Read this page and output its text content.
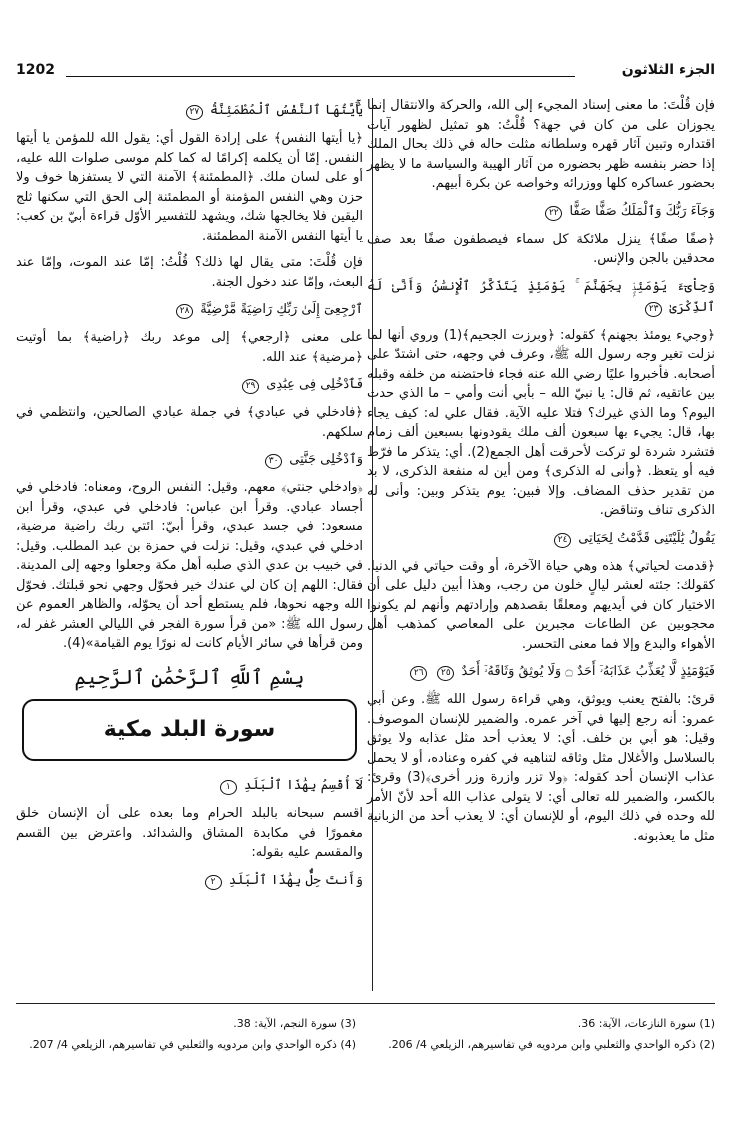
الجزء الثلاثون
1202

فإن قُلْتَ: ما معنى إسناد المجيء إلى الله، والحركة والانتقال إنما يجوزان على من كان في جهة؟ قُلْتُ: هو تمثيل لظهور آيات اقتداره وتبين آثار قهره وسلطانه مثلت حاله في ذلك بحال الملك إذا حضر بنفسه ظهر بحضوره من آثار الهيبة والسياسة ما لا يظهر بحضور عساكره كلها ووزرائه وخواصه عن بكرة أبيهم.

وَجَآءَ رَبُّكَ وَٱلْمَلَكُ صَفًّا صَفًّا ٢٢

﴿صفًا صفًا﴾ ينزل ملائكة كل سماء فيصطفون صفًا بعد صف محدقين بالجن والإنس.

وَجِاْىٓءَ يَوْمَئِذٍۭ بِجَهَنَّمَ ۚ يَوْمَئِذٍ يَتَذَكَّرُ ٱلْإِنسَٰنُ وَأَنَّىٰ لَهُ ٱلذِّكْرَىٰ ٢٣

﴿وجيء يومئذ بجهنم﴾ كقوله: ﴿وبرزت الجحيم﴾(1) وروي أنها لما نزلت تغير وجه رسول الله ﷺ، وعرف في وجهه، حتى اشتدّ على أصحابه. فأخبروا عليًا رضي الله عنه فجاء فاحتضنه من خلفه وقبله بين عاتقيه، ثم قال: يا نبيّ الله – بأبي أنت وأمي – ما الذي حدث اليوم؟ وما الذي غيرك؟ فتلا عليه الآية. فقال علي له: كيف يجاء بها، قال: يجيء بها سبعون ألف ملك يقودونها بسبعين ألف زمام فتشرد شردة لو تركت لأحرقت أهل الجمع(2). أي: يتذكر ما فرّط فيه أو يتعظ. ﴿وأنى له الذكرى﴾ ومن أين له منفعة الذكرى، لا بد من تقدير حذف المضاف. وإلا فبين: يوم يتذكر وبين: وأنى له الذكرى تناف وتناقض.

يَقُولُ يَٰلَيْتَنِى قَدَّمْتُ لِحَيَاتِى ٢٤

﴿قدمت لحياتي﴾ هذه وهي حياة الآخرة، أو وقت حياتي في الدنيا. كقولك: جئته لعشر ليالٍ خلون من رجب، وهذا أبين دليل على أن الاختيار كان في أيديهم ومعلقًا بقصدهم وإرادتهم وأنهم لم يكونوا محجوبين عن الطاعات مجبرين على المعاصي كمذهب أهل الأهواء والبدع وإلا فما معنى التحسر.

فَيَوْمَئِذٍ لَّا يُعَذِّبُ عَذَابَهُۥٓ أَحَدٌ ۝ وَلَا يُوثِقُ وَثَاقَهُۥٓ أَحَدٌ ٢٥ ٢٦

قرئ: بالفتح يعنب ويوثق، وهي قراءة رسول الله ﷺ. وعن أبي عمرو: أنه رجع إليها في آخر عمره. والضمير للإنسان الموصوف. وقيل: هو أبي بن خلف. أي: لا يعذب أحد مثل عذابه ولا يوثق بالسلاسل والأغلال مثل وثاقه لتناهيه في كفره وعناده، أو لا يحمل عذاب الإنسان أحد كقوله: ﴿ولا تزر وازرة وزر أخرى﴾(3) وقرئ: بالكسر، والضمير لله تعالى أي: لا يتولى عذاب الله أحد لأنّ الأمر لله وحده في ذلك اليوم، أو للإنسان أي: لا يعذب أحد من الزبانية مثل ما يعذبونه.

يَٰٓأَيَّتُهَا ٱلنَّفْسُ ٱلْمُطْمَئِنَّةُ ٢٧

﴿يا أيتها النفس﴾ على إرادة القول أي: يقول الله للمؤمن يا أيتها النفس. إمّا أن يكلمه إكرامًا له كما كلم موسى صلوات الله عليه، أو على لسان ملك. ﴿المطمئنة﴾ الآمنة التي لا يستفزها خوف ولا حزن وهي النفس المؤمنة أو المطمئنة إلى الحق التي سكنها ثلج اليقين فلا يخالجها شك، ويشهد للتفسير الأوّل قراءة أبيّ بن كعب: يا أيتها النفس الآمنة المطمئنة.

فإن قُلْتَ: متى يقال لها ذلك؟ قُلْتُ: إمّا عند الموت، وإمّا عند البعث، وإمّا عند دخول الجنة.

ٱرْجِعِىٓ إِلَىٰ رَبِّكِ رَاضِيَةً مَّرْضِيَّةً ٢٨

على معنى ﴿ارجعي﴾ إلى موعد ربك ﴿راضية﴾ بما أوتيت ﴿مرضية﴾ عند الله.

فَٱدْخُلِى فِى عِبَٰدِى ٢٩

﴿فادخلي في عبادي﴾ في جملة عبادي الصالحين، وانتظمي في سلكهم.

وَٱدْخُلِى جَنَّتِى ٣٠

﴿وادخلي جنتي﴾ معهم. وقيل: النفس الروح، ومعناه: فادخلي في أجساد عبادي. وقرأ ابن عباس: فادخلي في عبدي، وقرأ ابن مسعود: في جسد عبدي، وقرأ أبيّ: ائتي ربك راضية مرضية، ادخلي في عبدي، وقيل: نزلت في حمزة بن عبد المطلب. وقيل: في خبيب بن عدي الذي صلبه أهل مكة وجعلوا وجهه إلى المدينة. فقال: اللهم إن كان لي عندك خير فحوّل وجهي نحو قبلتك. فحوّل الله وجهه نحوها، فلم يستطع أحد أن يحوّله، والظاهر العموم عن رسول الله ﷺ: «من قرأ سورة الفجر في الليالي العشر غفر له، ومن قرأها في سائر الأيام كانت له نورًا يوم القيامة»(4).

بِسْمِ ٱللَّهِ ٱلرَّحْمَٰنِ ٱلرَّحِيمِ
سورة البلد مكية
لَآ أُقْسِمُ بِهَٰذَا ٱلْبَلَدِ ١

اقسم سبحانه بالبلد الحرام وما بعده على أن الإنسان خلق مغمورًا في مكابدة المشاق والشدائد. واعترض بين القسم والمقسم عليه بقوله:

وَأَنتَ حِلٌّۢ بِهَٰذَا ٱلْبَلَدِ ٢

(1) سورة النازعات، الآية: 36.

(2) ذكره الواحدي والثعلبي وابن مردويه في تفاسيرهم، الزيلعي 4/ 206.

(3) سورة النجم، الآية: 38.

(4) ذكره الواحدي وابن مردويه والثعلبي في تفاسيرهم، الزيلعي 4/ 207.
